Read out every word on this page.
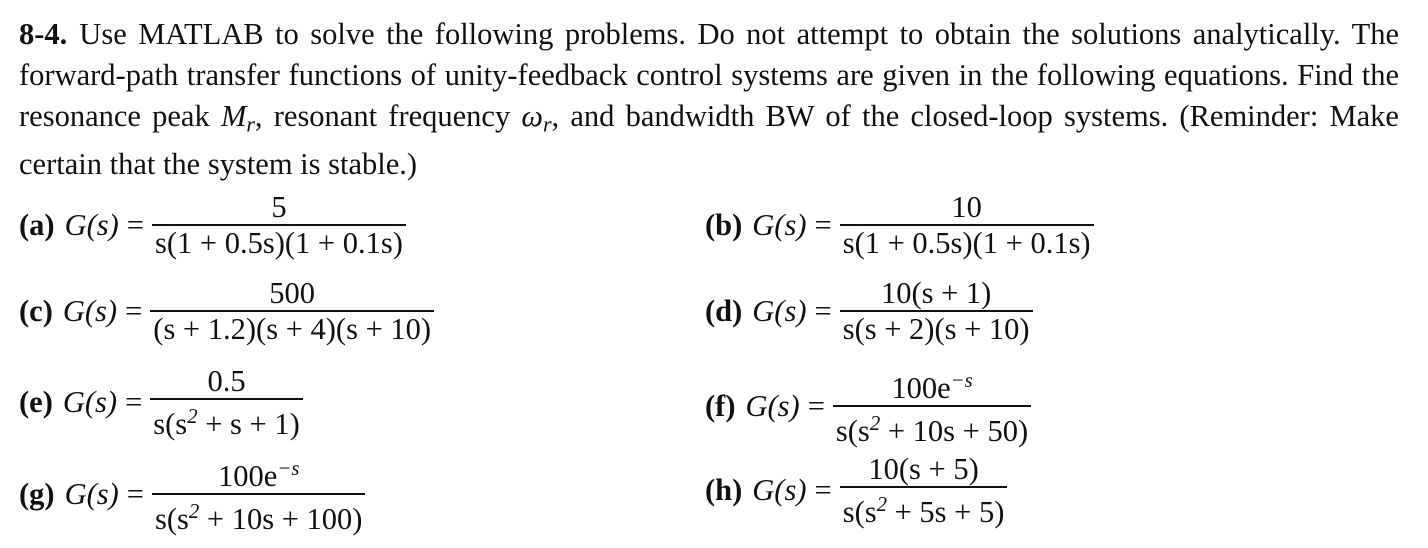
8-4. Use MATLAB to solve the following problems. Do not attempt to obtain the solutions analytically. The forward-path transfer functions of unity-feedback control systems are given in the following equations. Find the resonance peak $M_r$, resonant frequency $\omega_r$, and bandwidth BW of the closed-loop systems. (Reminder: Make certain that the system is stable.)
(a) $G(s) = \frac{5}{s(1 + 0.5s)(1 + 0.1s)}$	(b) $G(s) = \frac{10}{s(1 + 0.5s)(1 + 0.1s)}$
(c) $G(s) = \frac{500}{(s + 1.2)(s + 4)(s + 10)}$	(d) $G(s) = \frac{10(s + 1)}{s(s + 2)(s + 10)}$
(e) $G(s) = \frac{0.5}{s(s^2 + s + 1)}$	(f) $G(s) = \frac{100e^{-s}}{s(s^2 + 10s + 50)}$
(g) $G(s) = \frac{100e^{-s}}{s(s^2 + 10s + 100)}$	(h) $G(s) = \frac{10(s + 5)}{s(s^2 + 5s + 5)}$
